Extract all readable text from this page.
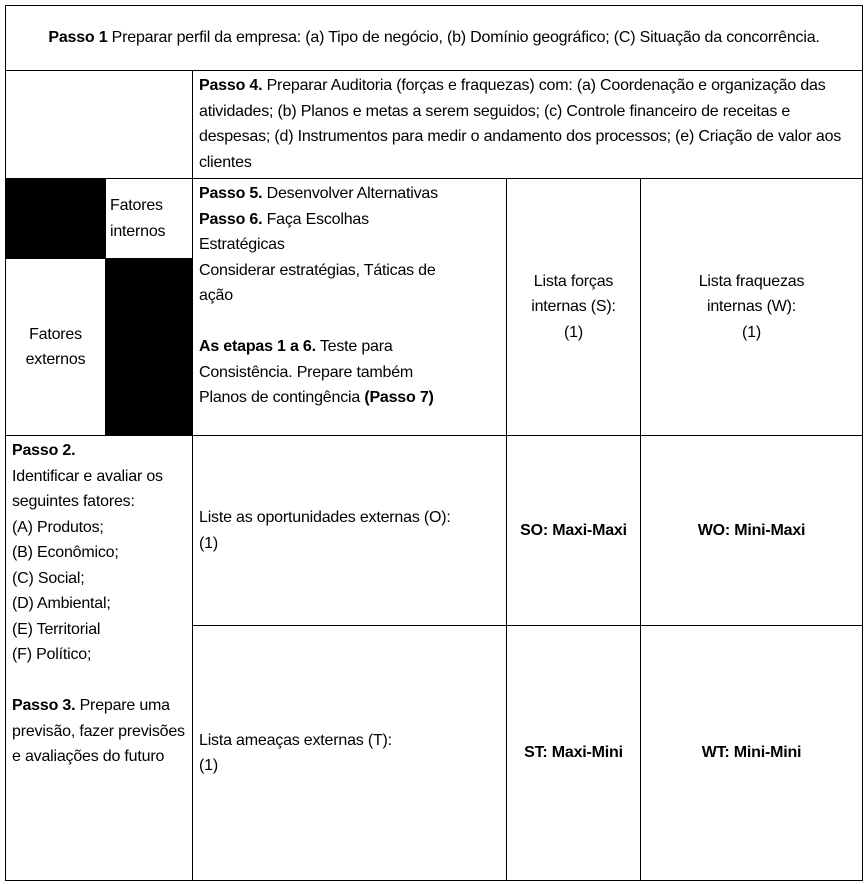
Passo 1 Preparar perfil da empresa: (a) Tipo de negócio, (b) Domínio geográfico; (C) Situação da concorrência.
Passo 4. Preparar Auditoria (forças e fraquezas) com: (a) Coordenação e organização das atividades; (b) Planos e metas a serem seguidos; (c) Controle financeiro de receitas e despesas; (d) Instrumentos para medir o andamento dos processos; (e) Criação de valor aos clientes
Fatores internos
Fatores externos
Passo 5. Desenvolver Alternativas
Passo 6. Faça Escolhas Estratégicas
Considerar estratégias, Táticas de ação

As etapas 1 a 6. Teste para Consistência. Prepare também Planos de contingência (Passo 7)
Lista forças internas (S):
(1)
Lista fraquezas internas (W):
(1)
Passo 2.
Identificar e avaliar os seguintes fatores:
(A) Produtos;
(B) Econômico;
(C) Social;
(D) Ambiental;
(E) Territorial
(F) Político;

Passo 3. Prepare uma previsão, fazer previsões e avaliações do futuro
Liste as oportunidades externas (O):
(1)
SO: Maxi-Maxi	WO: Mini-Maxi
Lista ameaças externas (T):
(1)
ST: Maxi-Mini	WT: Mini-Mini
